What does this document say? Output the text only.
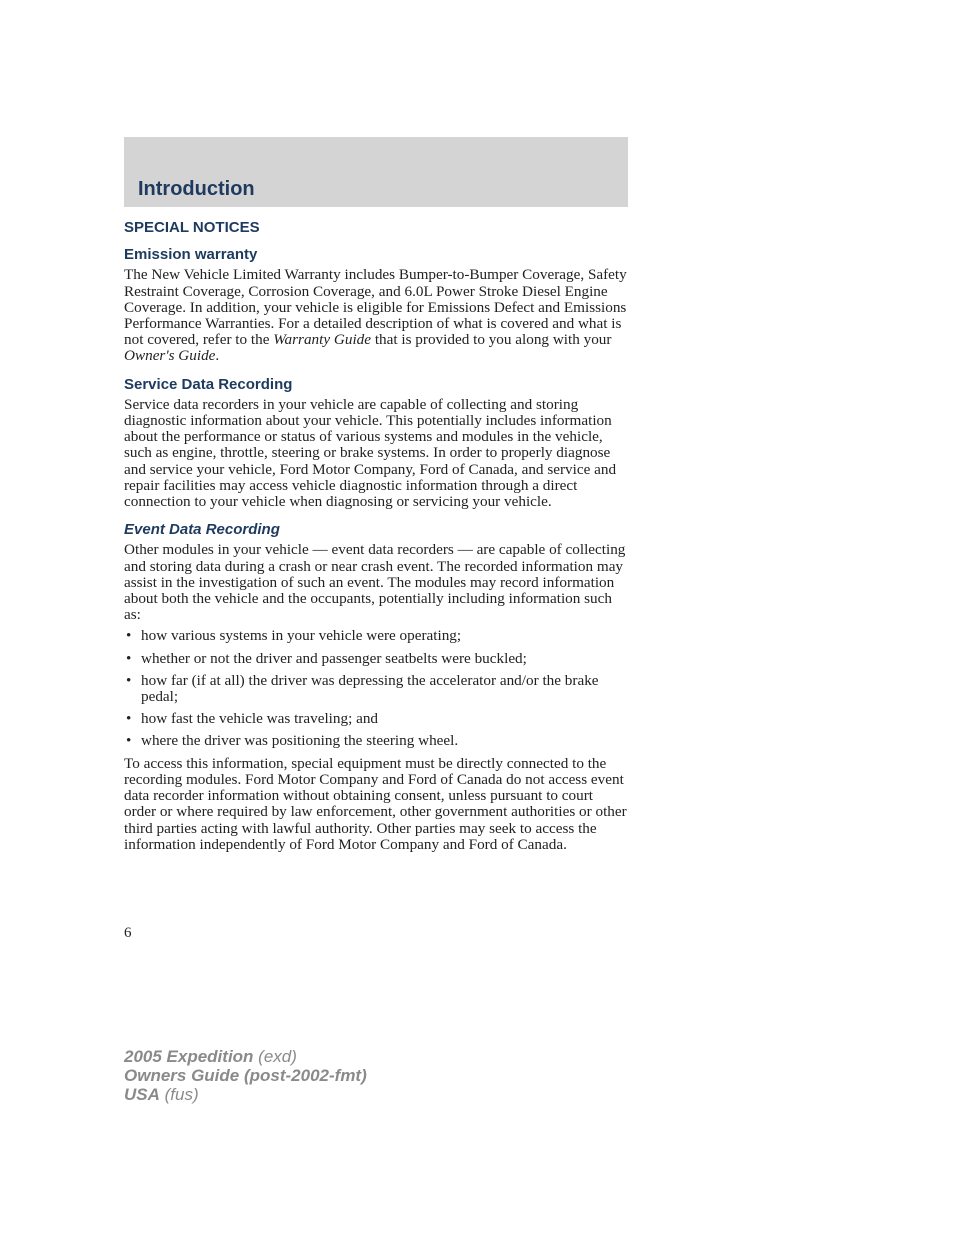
Introduction
SPECIAL NOTICES
Emission warranty

The New Vehicle Limited Warranty includes Bumper-to-Bumper Coverage, Safety Restraint Coverage, Corrosion Coverage, and 6.0L Power Stroke Diesel Engine Coverage. In addition, your vehicle is eligible for Emissions Defect and Emissions Performance Warranties. For a detailed description of what is covered and what is not covered, refer to the Warranty Guide that is provided to you along with your Owner's Guide.

Service Data Recording

Service data recorders in your vehicle are capable of collecting and storing diagnostic information about your vehicle. This potentially includes information about the performance or status of various systems and modules in the vehicle, such as engine, throttle, steering or brake systems. In order to properly diagnose and service your vehicle, Ford Motor Company, Ford of Canada, and service and repair facilities may access vehicle diagnostic information through a direct connection to your vehicle when diagnosing or servicing your vehicle.

Event Data Recording

Other modules in your vehicle — event data recorders — are capable of collecting and storing data during a crash or near crash event. The recorded information may assist in the investigation of such an event. The modules may record information about both the vehicle and the occupants, potentially including information such as:

• how various systems in your vehicle were operating;
• whether or not the driver and passenger seatbelts were buckled;
• how far (if at all) the driver was depressing the accelerator and/or the brake pedal;
• how fast the vehicle was traveling; and
• where the driver was positioning the steering wheel.

To access this information, special equipment must be directly connected to the recording modules. Ford Motor Company and Ford of Canada do not access event data recorder information without obtaining consent, unless pursuant to court order or where required by law enforcement, other government authorities or other third parties acting with lawful authority. Other parties may seek to access the information independently of Ford Motor Company and Ford of Canada.

6
2005 Expedition (exd)
Owners Guide (post-2002-fmt)
USA (fus)
